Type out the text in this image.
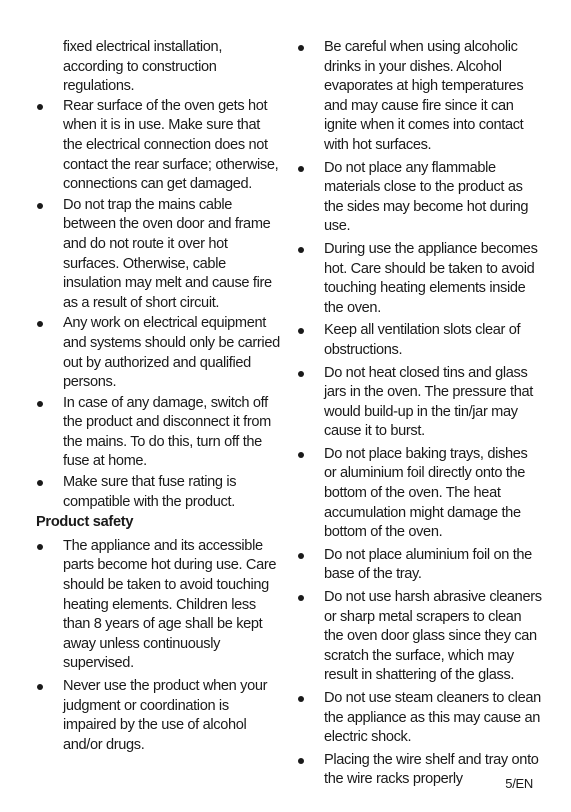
fixed electrical installation, according to construction regulations.

Rear surface of the oven gets hot when it is in use. Make sure that the electrical connection does not contact the rear surface; otherwise, connections can get damaged.
Do not trap the mains cable between the oven door and frame and do not route it over hot surfaces. Otherwise, cable insulation may melt and cause fire as a result of short circuit.
Any work on electrical equipment and systems should only be carried out by authorized and qualified persons.
In case of any damage, switch off the product and disconnect it from the mains. To do this, turn off the fuse at home.
Make sure that fuse rating is compatible with the product.
Product safety
The appliance and its accessible parts become hot during use. Care should be taken to avoid touching heating elements. Children less than 8 years of age shall be kept away unless continuously supervised.
Never use the product when your judgment or coordination is impaired by the use of alcohol and/or drugs.
Be careful when using alcoholic drinks in your dishes. Alcohol evaporates at high temperatures and may cause fire since it can ignite when it comes into contact with hot surfaces.
Do not place any flammable materials close to the product as the sides may become hot during use.
During use the appliance becomes hot. Care should be taken to avoid touching heating elements inside the oven.
Keep all ventilation slots clear of obstructions.
Do not heat closed tins and glass jars in the oven. The pressure that would build-up in the tin/jar may cause it to burst.
Do not place baking trays, dishes or aluminium foil directly onto the bottom of the oven. The heat accumulation might damage the bottom of the oven.
Do not place aluminium foil on the base of the tray.
Do not use harsh abrasive cleaners or sharp metal scrapers to clean the oven door glass since they can scratch the surface, which may result in shattering of the glass.
Do not use steam cleaners to clean the appliance as this may cause an electric shock.
Placing the wire shelf and tray onto the wire racks properly	5/EN
